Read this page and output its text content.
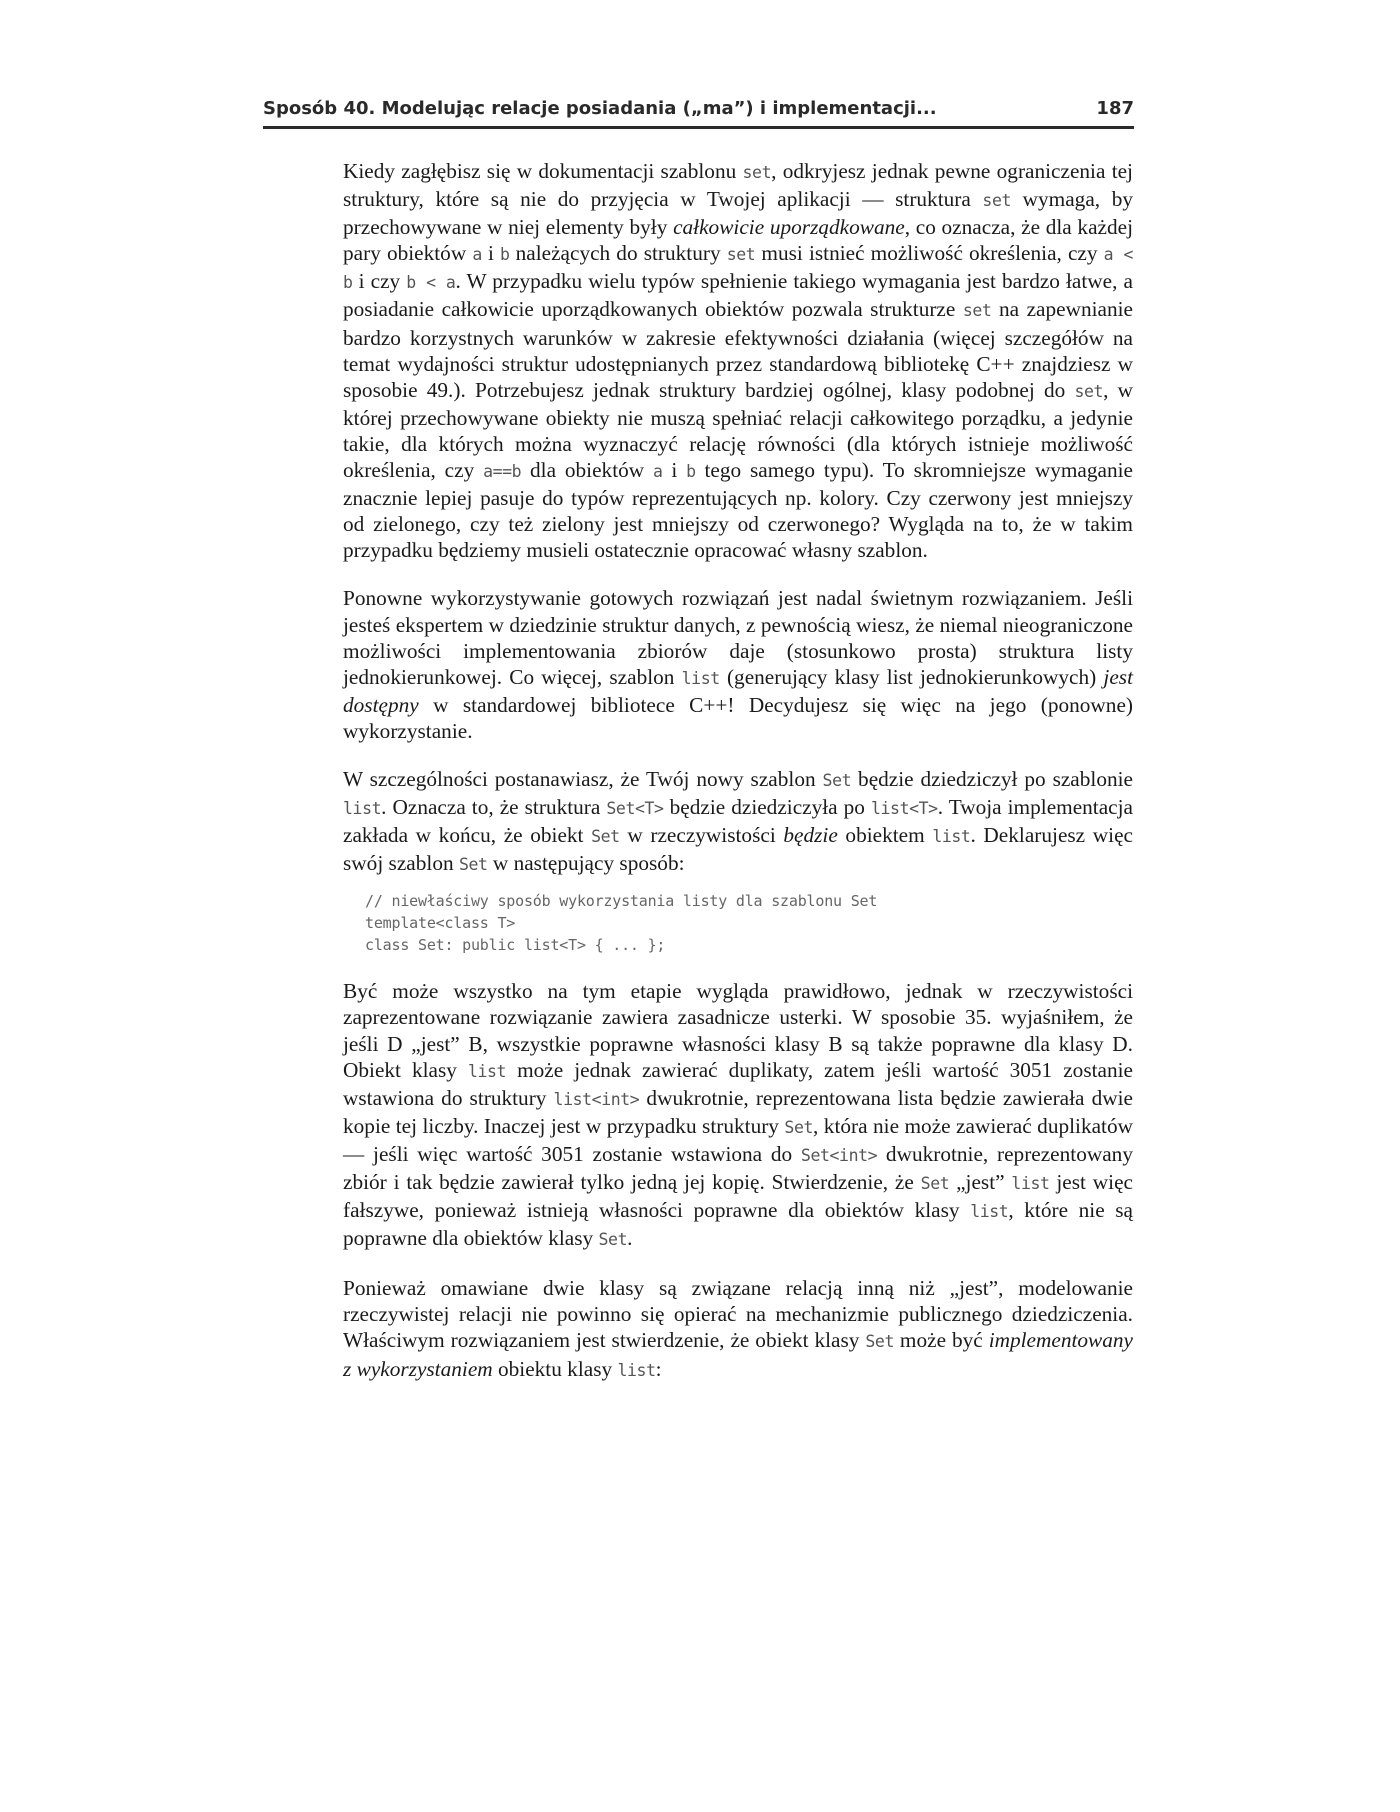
Sposób 40. Modelując relacje posiadania („ma”) i implementacji...	187

Kiedy zagłębisz się w dokumentacji szablonu set, odkryjesz jednak pewne ograniczenia tej struktury, które są nie do przyjęcia w Twojej aplikacji — struktura set wymaga, by przechowywane w niej elementy były całkowicie uporządkowane, co oznacza, że dla każdej pary obiektów a i b należących do struktury set musi istnieć możliwość określenia, czy a < b i czy b < a. W przypadku wielu typów spełnienie takiego wymagania jest bardzo łatwe, a posiadanie całkowicie uporządkowanych obiektów pozwala strukturze set na zapewnianie bardzo korzystnych warunków w zakresie efektywności działania (więcej szczegółów na temat wydajności struktur udostępnianych przez standardową bibliotekę C++ znajdziesz w sposobie 49.). Potrzebujesz jednak struktury bardziej ogólnej, klasy podobnej do set, w której przechowywane obiekty nie muszą spełniać relacji całkowitego porządku, a jedynie takie, dla których można wyznaczyć relację równości (dla których istnieje możliwość określenia, czy a==b dla obiektów a i b tego samego typu). To skromniejsze wymaganie znacznie lepiej pasuje do typów reprezentujących np. kolory. Czy czerwony jest mniejszy od zielonego, czy też zielony jest mniejszy od czerwonego? Wygląda na to, że w takim przypadku będziemy musieli ostatecznie opracować własny szablon.

Ponowne wykorzystywanie gotowych rozwiązań jest nadal świetnym rozwiązaniem. Jeśli jesteś ekspertem w dziedzinie struktur danych, z pewnością wiesz, że niemal nieograniczone możliwości implementowania zbiorów daje (stosunkowo prosta) struktura listy jednokierunkowej. Co więcej, szablon list (generujący klasy list jednokierunkowych) jest dostępny w standardowej bibliotece C++! Decydujesz się więc na jego (ponowne) wykorzystanie.

W szczególności postanawiasz, że Twój nowy szablon Set będzie dziedziczył po szablonie list. Oznacza to, że struktura Set<T> będzie dziedziczyła po list<T>. Twoja implementacja zakłada w końcu, że obiekt Set w rzeczywistości będzie obiektem list. Deklarujesz więc swój szablon Set w następujący sposób:

// niewłaściwy sposób wykorzystania listy dla szablonu Set
template<class T>
class Set: public list<T> { ... };

Być może wszystko na tym etapie wygląda prawidłowo, jednak w rzeczywistości zaprezentowane rozwiązanie zawiera zasadnicze usterki. W sposobie 35. wyjaśniłem, że jeśli D „jest” B, wszystkie poprawne własności klasy B są także poprawne dla klasy D. Obiekt klasy list może jednak zawierać duplikaty, zatem jeśli wartość 3051 zostanie wstawiona do struktury list<int> dwukrotnie, reprezentowana lista będzie zawierała dwie kopie tej liczby. Inaczej jest w przypadku struktury Set, która nie może zawierać duplikatów — jeśli więc wartość 3051 zostanie wstawiona do Set<int> dwukrotnie, reprezentowany zbiór i tak będzie zawierał tylko jedną jej kopię. Stwierdzenie, że Set „jest” list jest więc fałszywe, ponieważ istnieją własności poprawne dla obiektów klasy list, które nie są poprawne dla obiektów klasy Set.

Ponieważ omawiane dwie klasy są związane relacją inną niż „jest”, modelowanie rzeczywistej relacji nie powinno się opierać na mechanizmie publicznego dziedziczenia. Właściwym rozwiązaniem jest stwierdzenie, że obiekt klasy Set może być implementowany z wykorzystaniem obiektu klasy list:
